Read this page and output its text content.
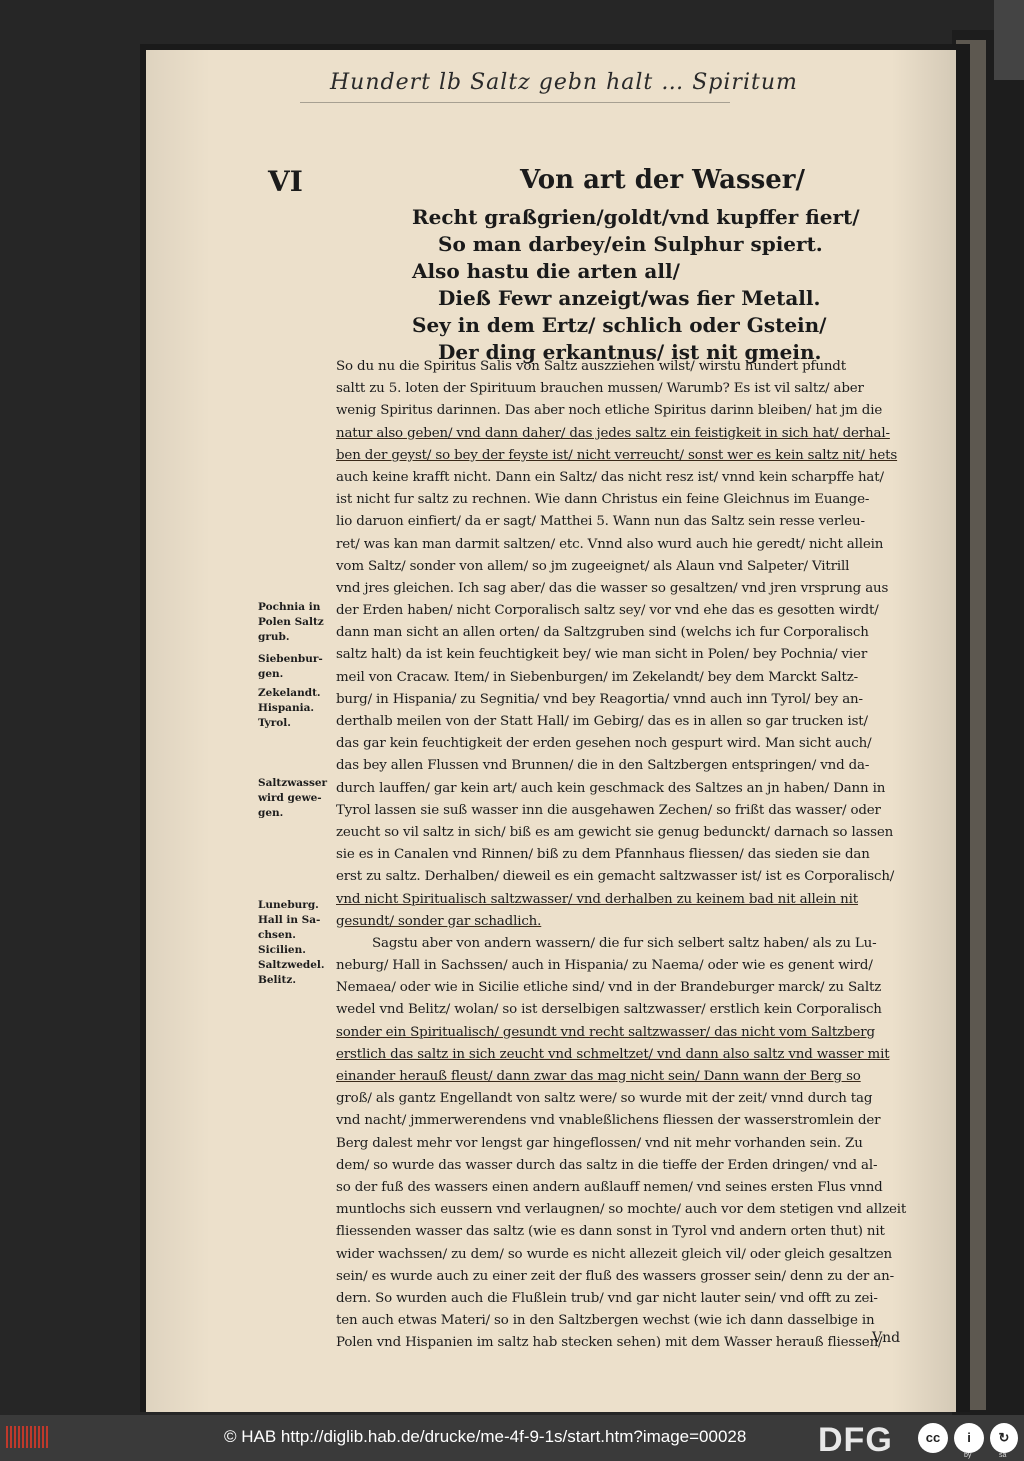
Hundert lb Saltz gebn halt … Spiritum
VI	Von art der Wasser/
Recht graßgrien/goldt/vnd kupffer fiert/
So man darbey/ein Sulphur spiert.
Also hastu die arten all/
Dieß Fewr anzeigt/was fier Metall.
Sey in dem Ertz/ schlich oder Gstein/
Der ding erkantnus/ ist nit gmein.
So du nu die Spiritus Salis von Saltz auszziehen wilst/ wirstu hundert pfundt
saltt zu 5. loten der Spirituum brauchen mussen/ Warumb? Es ist vil saltz/ aber
wenig Spiritus darinnen. Das aber noch etliche Spiritus darinn bleiben/ hat jm die
natur also geben/ vnd dann daher/ das jedes saltz ein feistigkeit in sich hat/ derhal-
ben der geyst/ so bey der feyste ist/ nicht verreucht/ sonst wer es kein saltz nit/ hets
auch keine krafft nicht. Dann ein Saltz/ das nicht resz ist/ vnnd kein scharpffe hat/
ist nicht fur saltz zu rechnen. Wie dann Christus ein feine Gleichnus im Euange-
lio daruon einfiert/ da er sagt/ Matthei 5. Wann nun das Saltz sein resse verleu-
ret/ was kan man darmit saltzen/ etc. Vnnd also wurd auch hie geredt/ nicht allein
vom Saltz/ sonder von allem/ so jm zugeeignet/ als Alaun vnd Salpeter/ Vitrill
vnd jres gleichen. Ich sag aber/ das die wasser so gesaltzen/ vnd jren vrsprung aus
der Erden haben/ nicht Corporalisch saltz sey/ vor vnd ehe das es gesotten wirdt/
dann man sicht an allen orten/ da Saltzgruben sind (welchs ich fur Corporalisch
saltz halt) da ist kein feuchtigkeit bey/ wie man sicht in Polen/ bey Pochnia/ vier
meil von Cracaw. Item/ in Siebenburgen/ im Zekelandt/ bey dem Marckt Saltz-
burg/ in Hispania/ zu Segnitia/ vnd bey Reagortia/ vnnd auch inn Tyrol/ bey an-
derthalb meilen von der Statt Hall/ im Gebirg/ das es in allen so gar trucken ist/
das gar kein feuchtigkeit der erden gesehen noch gespurt wird. Man sicht auch/
das bey allen Flussen vnd Brunnen/ die in den Saltzbergen entspringen/ vnd da-
durch lauffen/ gar kein art/ auch kein geschmack des Saltzes an jn haben/ Dann in
Tyrol lassen sie suß wasser inn die ausgehawen Zechen/ so frißt das wasser/ oder
zeucht so vil saltz in sich/ biß es am gewicht sie genug bedunckt/ darnach so lassen
sie es in Canalen vnd Rinnen/ biß zu dem Pfannhaus fliessen/ das sieden sie dan
erst zu saltz. Derhalben/ dieweil es ein gemacht saltzwasser ist/ ist es Corporalisch/
vnd nicht Spiritualisch saltzwasser/ vnd derhalben zu keinem bad nit allein nit
gesundt/ sonder gar schadlich.
Sagstu aber von andern wassern/ die fur sich selbert saltz haben/ als zu Lu-
neburg/ Hall in Sachssen/ auch in Hispania/ zu Naema/ oder wie es genent wird/
Nemaea/ oder wie in Sicilie etliche sind/ vnd in der Brandeburger marck/ zu Saltz
wedel vnd Belitz/ wolan/ so ist derselbigen saltzwasser/ erstlich kein Corporalisch
sonder ein Spiritualisch/ gesundt vnd recht saltzwasser/ das nicht vom Saltzberg
erstlich das saltz in sich zeucht vnd schmeltzet/ vnd dann also saltz vnd wasser mit
einander herauß fleust/ dann zwar das mag nicht sein/ Dann wann der Berg so
groß/ als gantz Engellandt von saltz were/ so wurde mit der zeit/ vnnd durch tag
vnd nacht/ jmmerwerendens vnd vnableßlichens fliessen der wasserstromlein der
Berg dalest mehr vor lengst gar hingeflossen/ vnd nit mehr vorhanden sein. Zu
dem/ so wurde das wasser durch das saltz in die tieffe der Erden dringen/ vnd al-
so der fuß des wassers einen andern außlauff nemen/ vnd seines ersten Flus vnnd
muntlochs sich eussern vnd verlaugnen/ so mochte/ auch vor dem stetigen vnd allzeit
fliessenden wasser das saltz (wie es dann sonst in Tyrol vnd andern orten thut) nit
wider wachssen/ zu dem/ so wurde es nicht allezeit gleich vil/ oder gleich gesaltzen
sein/ es wurde auch zu einer zeit der fluß des wassers grosser sein/ denn zu der an-
dern. So wurden auch die Flußlein trub/ vnd gar nicht lauter sein/ vnd offt zu zei-
ten auch etwas Materi/ so in den Saltzbergen wechst (wie ich dann dasselbige in
Polen vnd Hispanien im saltz hab stecken sehen) mit dem Wasser herauß fliessen/
Vnd
Pochnia in
Polen Saltz
grub.
Siebenbur-
gen.
Zekelandt.
Hispania.
Tyrol.
Saltzwasser
wird gewe-
gen.
Luneburg.
Hall in Sa-
chsen.
Sicilien.
Saltzwedel.
Belitz.
© HAB http://diglib.hab.de/drucke/me-4f-9-1s/start.htm?image=00028 DFG	cc	i	↻
by	sa
